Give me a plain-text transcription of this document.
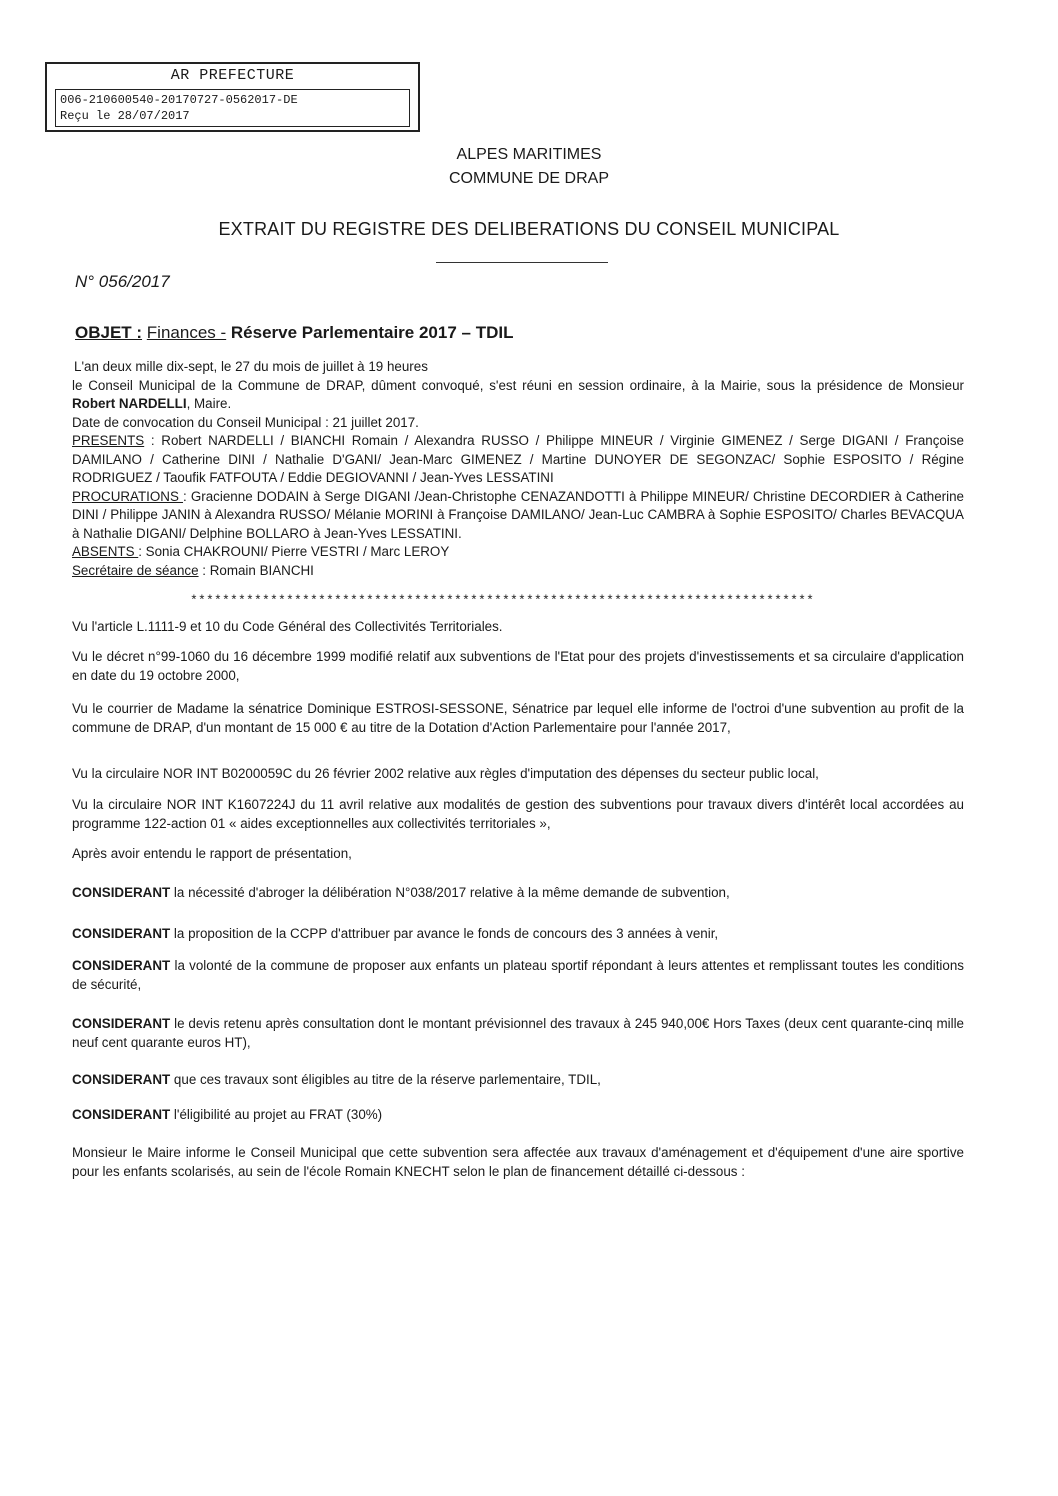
AR PREFECTURE
006-210600540-20170727-0562017-DE
Reçu le 28/07/2017
ALPES MARITIMES
COMMUNE DE DRAP
EXTRAIT DU REGISTRE DES DELIBERATIONS DU CONSEIL MUNICIPAL
N° 056/2017
OBJET : Finances - Réserve Parlementaire 2017 – TDIL
L'an deux mille dix-sept, le 27 du mois de juillet à 19 heures
le Conseil Municipal de la Commune de DRAP, dûment convoqué, s'est réuni en session ordinaire, à la Mairie, sous la présidence de Monsieur Robert NARDELLI, Maire.
Date de convocation du Conseil Municipal : 21 juillet 2017.
PRESENTS : Robert NARDELLI / BIANCHI Romain / Alexandra RUSSO / Philippe MINEUR / Virginie GIMENEZ / Serge DIGANI / Françoise DAMILANO / Catherine DINI / Nathalie D'GANI/ Jean-Marc GIMENEZ / Martine DUNOYER DE SEGONZAC/ Sophie ESPOSITO / Régine RODRIGUEZ / Taoufik FATFOUTA / Eddie DEGIOVANNI / Jean-Yves LESSATINI
PROCURATIONS : Gracienne DODAIN à Serge DIGANI /Jean-Christophe CENAZANDOTTI à Philippe MINEUR/ Christine DECORDIER à Catherine DINI / Philippe JANIN à Alexandra RUSSO/ Mélanie MORINI à Françoise DAMILANO/ Jean-Luc CAMBRA à Sophie ESPOSITO/ Charles BEVACQUA à Nathalie DIGANI/ Delphine BOLLARO à Jean-Yves LESSATINI.
ABSENTS : Sonia CHAKROUNI/ Pierre VESTRI / Marc LEROY
Secrétaire de séance : Romain BIANCHI
******************************************************************************
Vu l'article L.1111-9 et 10 du Code Général des Collectivités Territoriales.
Vu le décret n°99-1060 du 16 décembre 1999 modifié relatif aux subventions de l'Etat pour des projets d'investissements et sa circulaire d'application en date du 19 octobre 2000,
Vu le courrier de Madame la sénatrice Dominique ESTROSI-SESSONE, Sénatrice par lequel elle informe de l'octroi d'une subvention au profit de la commune de DRAP, d'un montant de 15 000 € au titre de la Dotation d'Action Parlementaire pour l'année 2017,
Vu la circulaire NOR INT B0200059C du 26 février 2002 relative aux règles d'imputation des dépenses du secteur public local,
Vu la circulaire NOR INT K1607224J du 11 avril relative aux modalités de gestion des subventions pour travaux divers d'intérêt local accordées au programme 122-action 01 « aides exceptionnelles aux collectivités territoriales »,
Après avoir entendu le rapport de présentation,
CONSIDERANT la nécessité d'abroger la délibération N°038/2017 relative à la même demande de subvention,
CONSIDERANT la proposition de la CCPP d'attribuer par avance le fonds de concours des 3 années à venir,
CONSIDERANT la volonté de la commune de proposer aux enfants un plateau sportif répondant à leurs attentes et remplissant toutes les conditions de sécurité,
CONSIDERANT le devis retenu après consultation dont le montant prévisionnel des travaux à 245 940,00€ Hors Taxes (deux cent quarante-cinq mille neuf cent quarante euros HT),
CONSIDERANT que ces travaux sont éligibles au titre de la réserve parlementaire, TDIL,
CONSIDERANT l'éligibilité au projet au FRAT (30%)
Monsieur le Maire informe le Conseil Municipal que cette subvention sera affectée aux travaux d'aménagement et d'équipement d'une aire sportive pour les enfants scolarisés, au sein de l'école Romain KNECHT selon le plan de financement détaillé ci-dessous :
